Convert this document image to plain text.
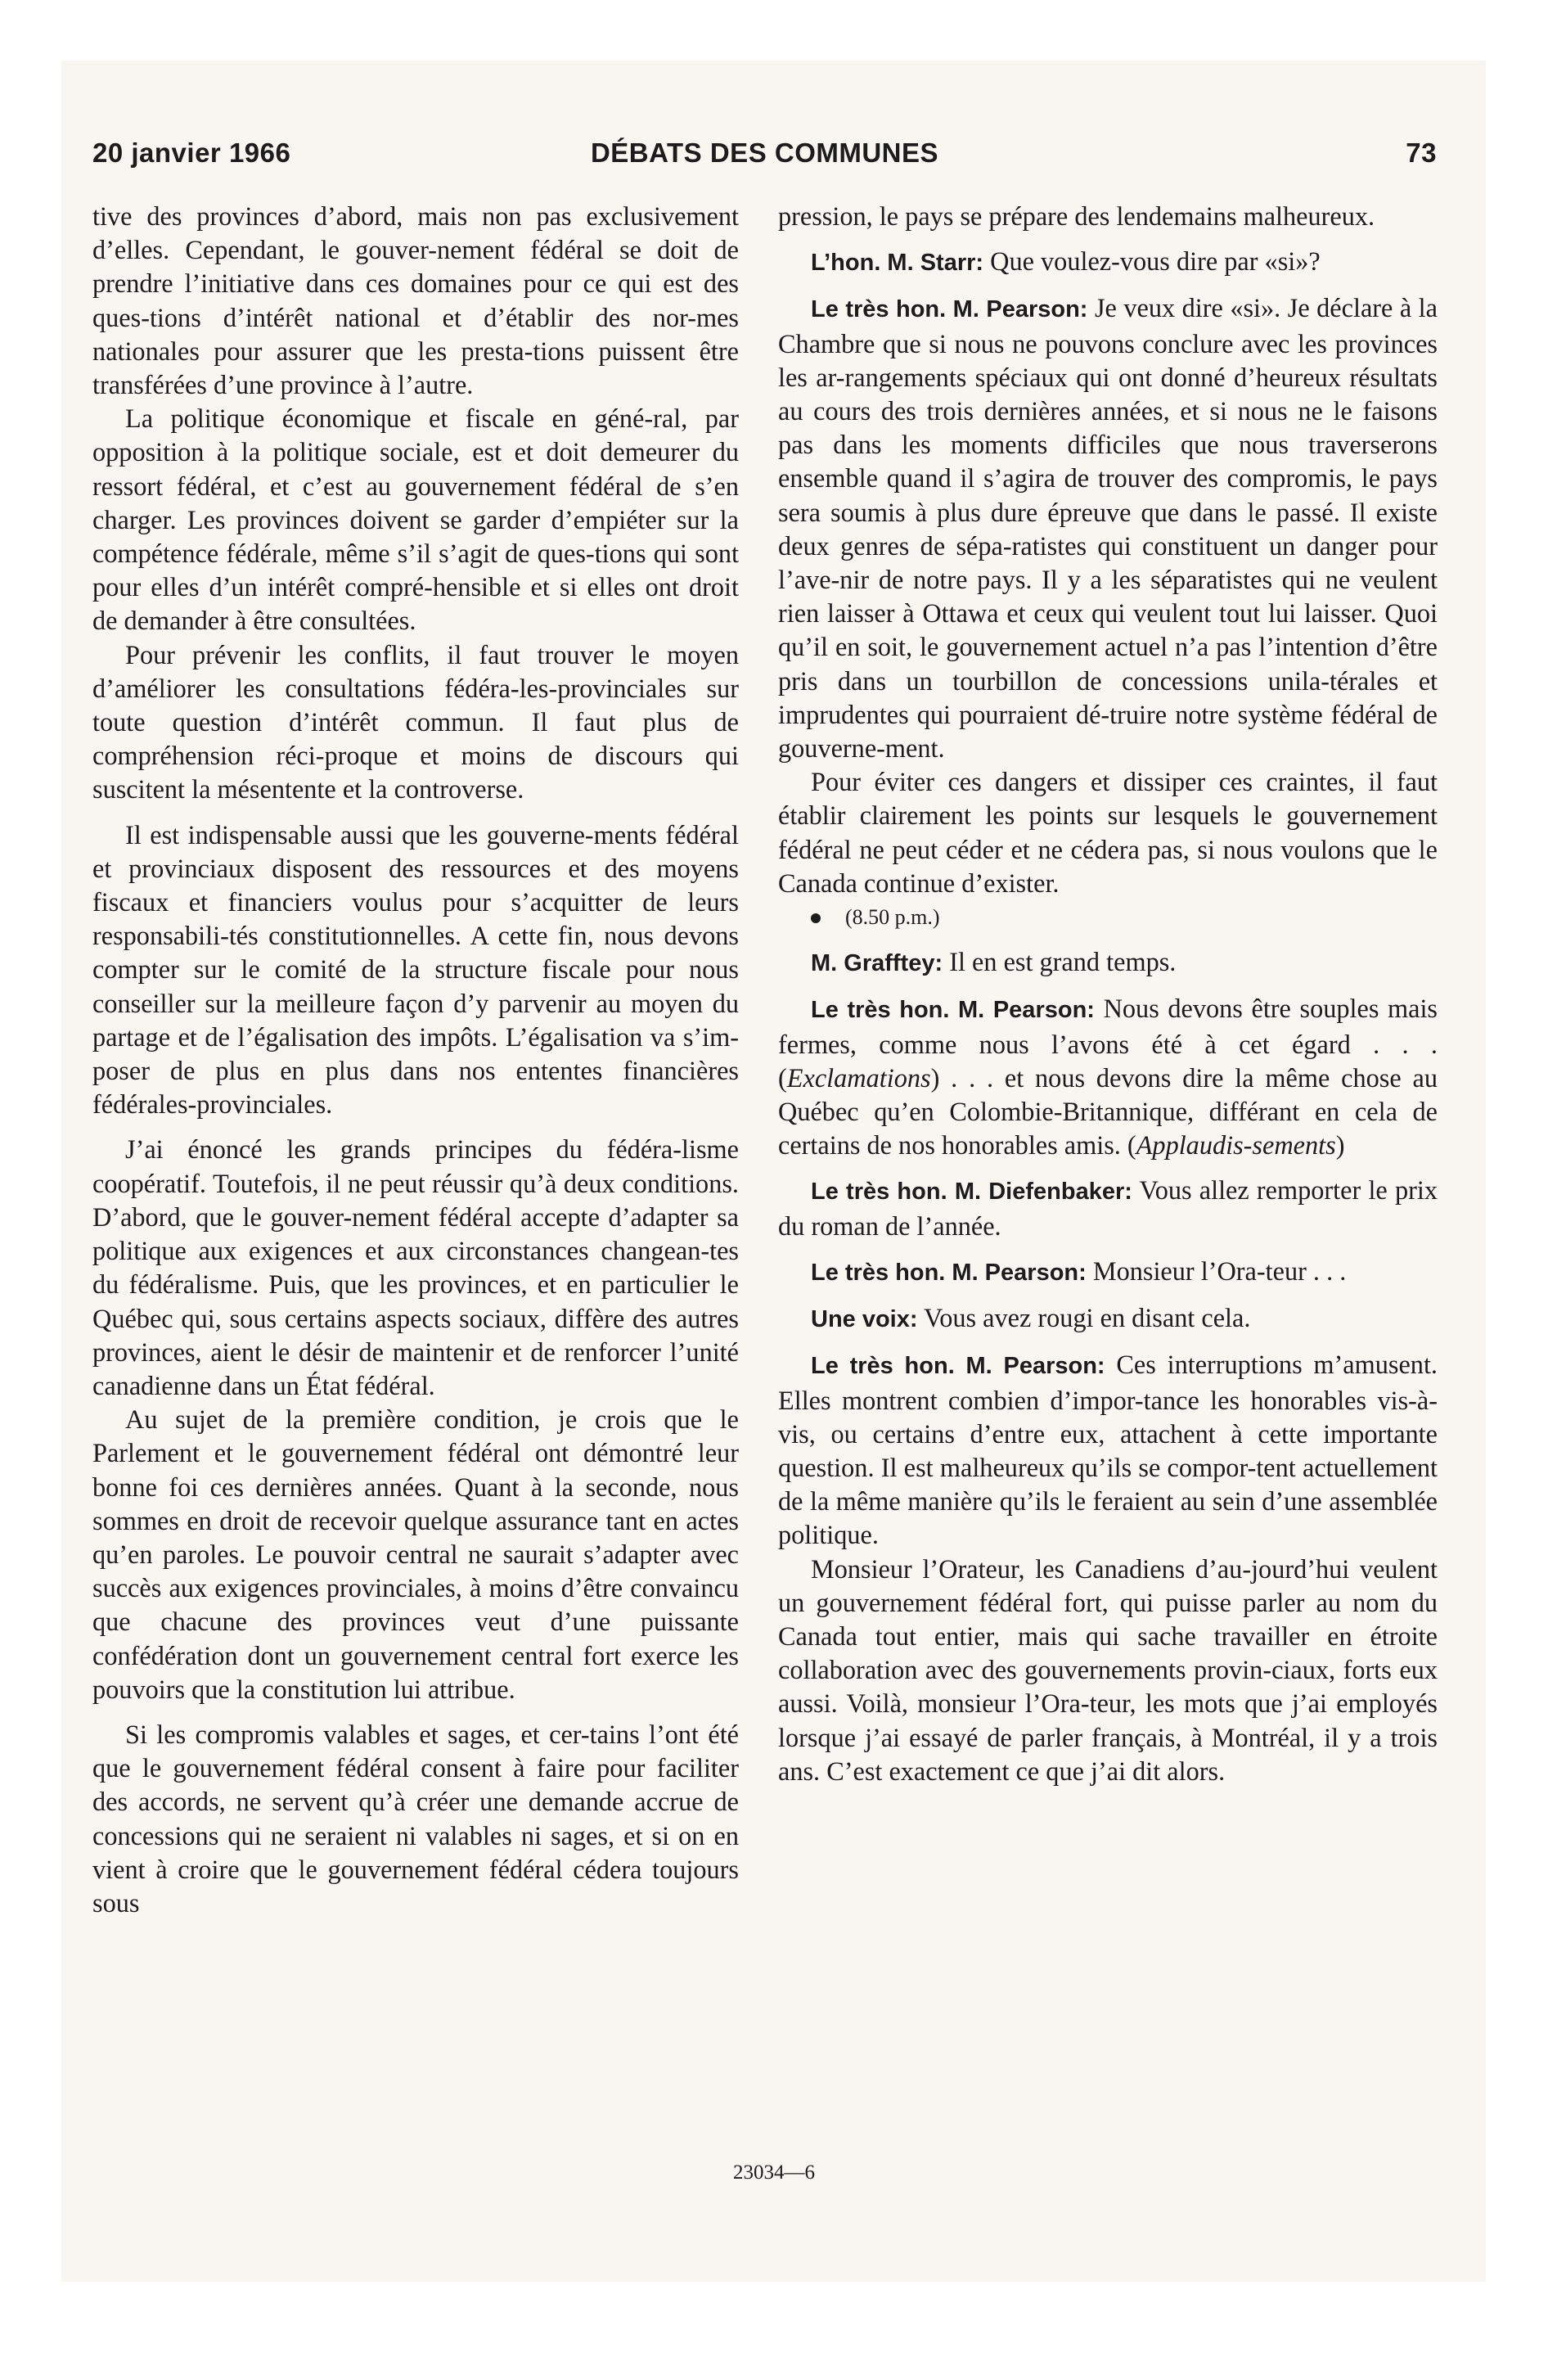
20 janvier 1966	DÉBATS DES COMMUNES	73

tive des provinces d’abord, mais non pas exclusivement d’elles. Cependant, le gouver-nement fédéral se doit de prendre l’initiative dans ces domaines pour ce qui est des ques-tions d’intérêt national et d’établir des nor-mes nationales pour assurer que les presta-tions puissent être transférées d’une province à l’autre.

La politique économique et fiscale en géné-ral, par opposition à la politique sociale, est et doit demeurer du ressort fédéral, et c’est au gouvernement fédéral de s’en charger. Les provinces doivent se garder d’empiéter sur la compétence fédérale, même s’il s’agit de ques-tions qui sont pour elles d’un intérêt compré-hensible et si elles ont droit de demander à être consultées.

Pour prévenir les conflits, il faut trouver le moyen d’améliorer les consultations fédéra-les-provinciales sur toute question d’intérêt commun. Il faut plus de compréhension réci-proque et moins de discours qui suscitent la mésentente et la controverse.

Il est indispensable aussi que les gouverne-ments fédéral et provinciaux disposent des ressources et des moyens fiscaux et financiers voulus pour s’acquitter de leurs responsabili-tés constitutionnelles. A cette fin, nous devons compter sur le comité de la structure fiscale pour nous conseiller sur la meilleure façon d’y parvenir au moyen du partage et de l’égalisation des impôts. L’égalisation va s’im-poser de plus en plus dans nos ententes financières fédérales-provinciales.

J’ai énoncé les grands principes du fédéra-lisme coopératif. Toutefois, il ne peut réussir qu’à deux conditions. D’abord, que le gouver-nement fédéral accepte d’adapter sa politique aux exigences et aux circonstances changean-tes du fédéralisme. Puis, que les provinces, et en particulier le Québec qui, sous certains aspects sociaux, diffère des autres provinces, aient le désir de maintenir et de renforcer l’unité canadienne dans un État fédéral.

Au sujet de la première condition, je crois que le Parlement et le gouvernement fédéral ont démontré leur bonne foi ces dernières années. Quant à la seconde, nous sommes en droit de recevoir quelque assurance tant en actes qu’en paroles. Le pouvoir central ne saurait s’adapter avec succès aux exigences provinciales, à moins d’être convaincu que chacune des provinces veut d’une puissante confédération dont un gouvernement central fort exerce les pouvoirs que la constitution lui attribue.

Si les compromis valables et sages, et cer-tains l’ont été que le gouvernement fédéral consent à faire pour faciliter des accords, ne servent qu’à créer une demande accrue de concessions qui ne seraient ni valables ni sages, et si on en vient à croire que le gouvernement fédéral cédera toujours sous

pression, le pays se prépare des lendemains malheureux.

L’hon. M. Starr: Que voulez-vous dire par «si»?

Le très hon. M. Pearson: Je veux dire «si». Je déclare à la Chambre que si nous ne pouvons conclure avec les provinces les ar-rangements spéciaux qui ont donné d’heureux résultats au cours des trois dernières années, et si nous ne le faisons pas dans les moments difficiles que nous traverserons ensemble quand il s’agira de trouver des compromis, le pays sera soumis à plus dure épreuve que dans le passé. Il existe deux genres de sépa-ratistes qui constituent un danger pour l’ave-nir de notre pays. Il y a les séparatistes qui ne veulent rien laisser à Ottawa et ceux qui veulent tout lui laisser. Quoi qu’il en soit, le gouvernement actuel n’a pas l’intention d’être pris dans un tourbillon de concessions unila-térales et imprudentes qui pourraient dé-truire notre système fédéral de gouverne-ment.

Pour éviter ces dangers et dissiper ces craintes, il faut établir clairement les points sur lesquels le gouvernement fédéral ne peut céder et ne cédera pas, si nous voulons que le Canada continue d’exister.

(8.50 p.m.)

M. Grafftey: Il en est grand temps.

Le très hon. M. Pearson: Nous devons être souples mais fermes, comme nous l’avons été à cet égard . . . (Exclamations) . . . et nous devons dire la même chose au Québec qu’en Colombie-Britannique, différant en cela de certains de nos honorables amis. (Applaudis-sements)

Le très hon. M. Diefenbaker: Vous allez remporter le prix du roman de l’année.

Le très hon. M. Pearson: Monsieur l’Ora-teur . . .

Une voix: Vous avez rougi en disant cela.

Le très hon. M. Pearson: Ces interruptions m’amusent. Elles montrent combien d’impor-tance les honorables vis-à-vis, ou certains d’entre eux, attachent à cette importante question. Il est malheureux qu’ils se compor-tent actuellement de la même manière qu’ils le feraient au sein d’une assemblée politique.

Monsieur l’Orateur, les Canadiens d’au-jourd’hui veulent un gouvernement fédéral fort, qui puisse parler au nom du Canada tout entier, mais qui sache travailler en étroite collaboration avec des gouvernements provin-ciaux, forts eux aussi. Voilà, monsieur l’Ora-teur, les mots que j’ai employés lorsque j’ai essayé de parler français, à Montréal, il y a trois ans. C’est exactement ce que j’ai dit alors.

23034—6
